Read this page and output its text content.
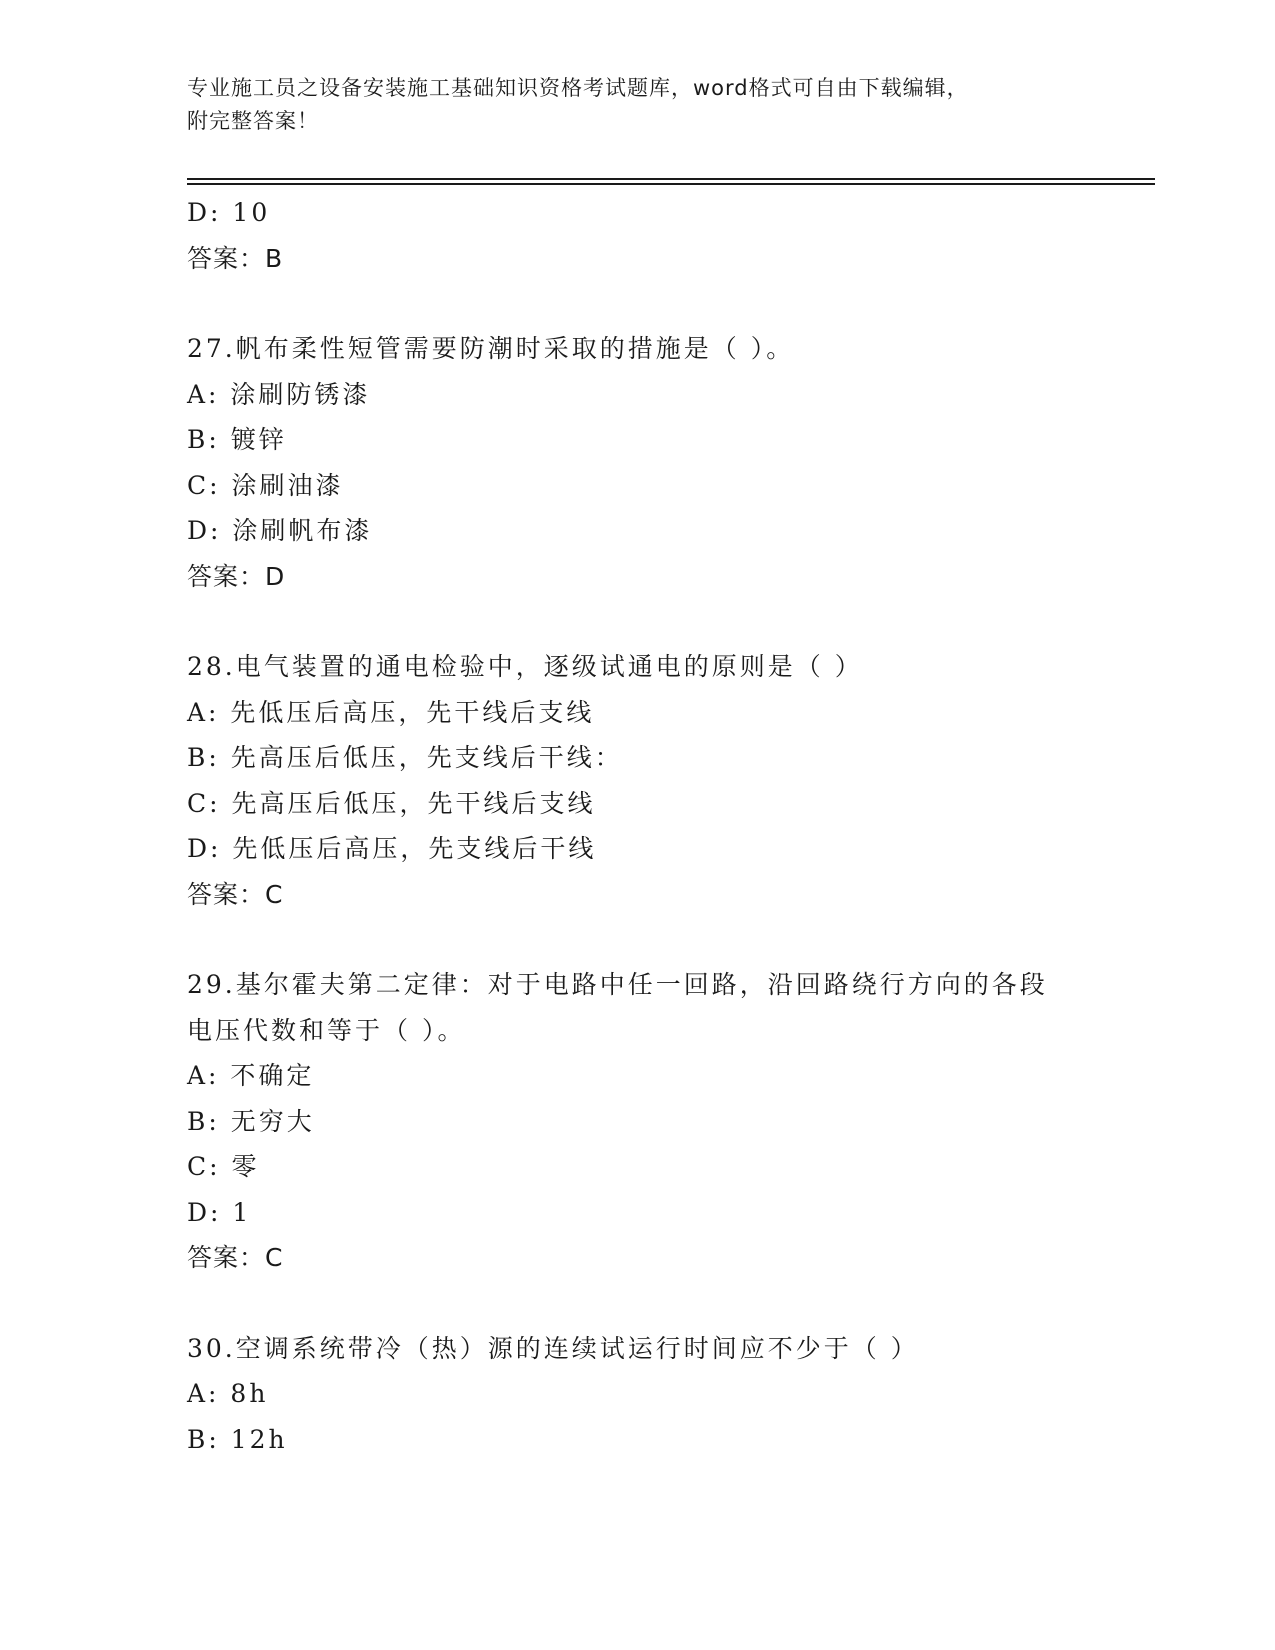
专业施工员之设备安装施工基础知识资格考试题库，word格式可自由下载编辑，
附完整答案！
D: 10
答案：B
27.帆布柔性短管需要防潮时采取的措施是（ ）。
A: 涂刷防锈漆
B: 镀锌
C: 涂刷油漆
D: 涂刷帆布漆
答案：D
28.电气装置的通电检验中，逐级试通电的原则是（ ）
A: 先低压后高压，先干线后支线
B: 先高压后低压，先支线后干线：
C: 先高压后低压，先干线后支线
D: 先低压后高压，先支线后干线
答案：C
29.基尔霍夫第二定律：对于电路中任一回路，沿回路绕行方向的各段
电压代数和等于（ ）。
A: 不确定
B: 无穷大
C: 零
D: 1
答案：C
30.空调系统带冷（热）源的连续试运行时间应不少于（ ）
A: 8h
B: 12h
